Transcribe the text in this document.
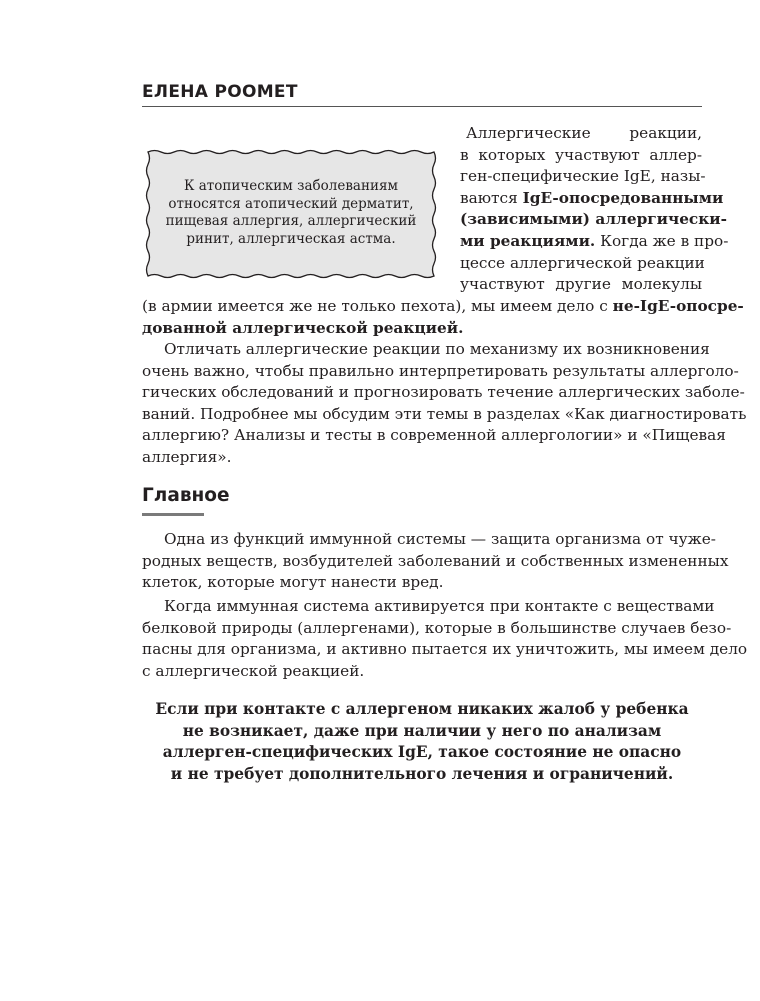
ЕЛЕНА РООМЕТ
К атопическим заболеваниям
относятся атопический дерматит,
пищевая аллергия, аллергический
ринит, аллергическая астма.
Аллергические реакции,
в которых участвуют аллер-
ген-специфические IgE, назы-
ваются IgE-опосредованными
(зависимыми) аллергически-
ми реакциями. Когда же в про-
цессе аллергической реакции
участвуют другие молекулы
(в армии имеется же не только пехота), мы имеем дело с не-IgE-опосре-
дованной аллергической реакцией.
Отличать аллергические реакции по механизму их возникновения
очень важно, чтобы правильно интерпретировать результаты аллерголо-
гических обследований и прогнозировать течение аллергических заболе-
ваний. Подробнее мы обсудим эти темы в разделах «Как диагностировать
аллергию? Анализы и тесты в современной аллергологии» и «Пищевая
аллергия».
Главное
Одна из функций иммунной системы — защита организма от чуже-
родных веществ, возбудителей заболеваний и собственных измененных
клеток, которые могут нанести вред.
Когда иммунная система активируется при контакте с веществами
белковой природы (аллергенами), которые в большинстве случаев безо-
пасны для организма, и активно пытается их уничтожить, мы имеем дело
с аллергической реакцией.
Если при контакте с аллергеном никаких жалоб у ребенка
не возникает, даже при наличии у него по анализам
аллерген-специфических IgE, такое состояние не опасно
и не требует дополнительного лечения и ограничений.
